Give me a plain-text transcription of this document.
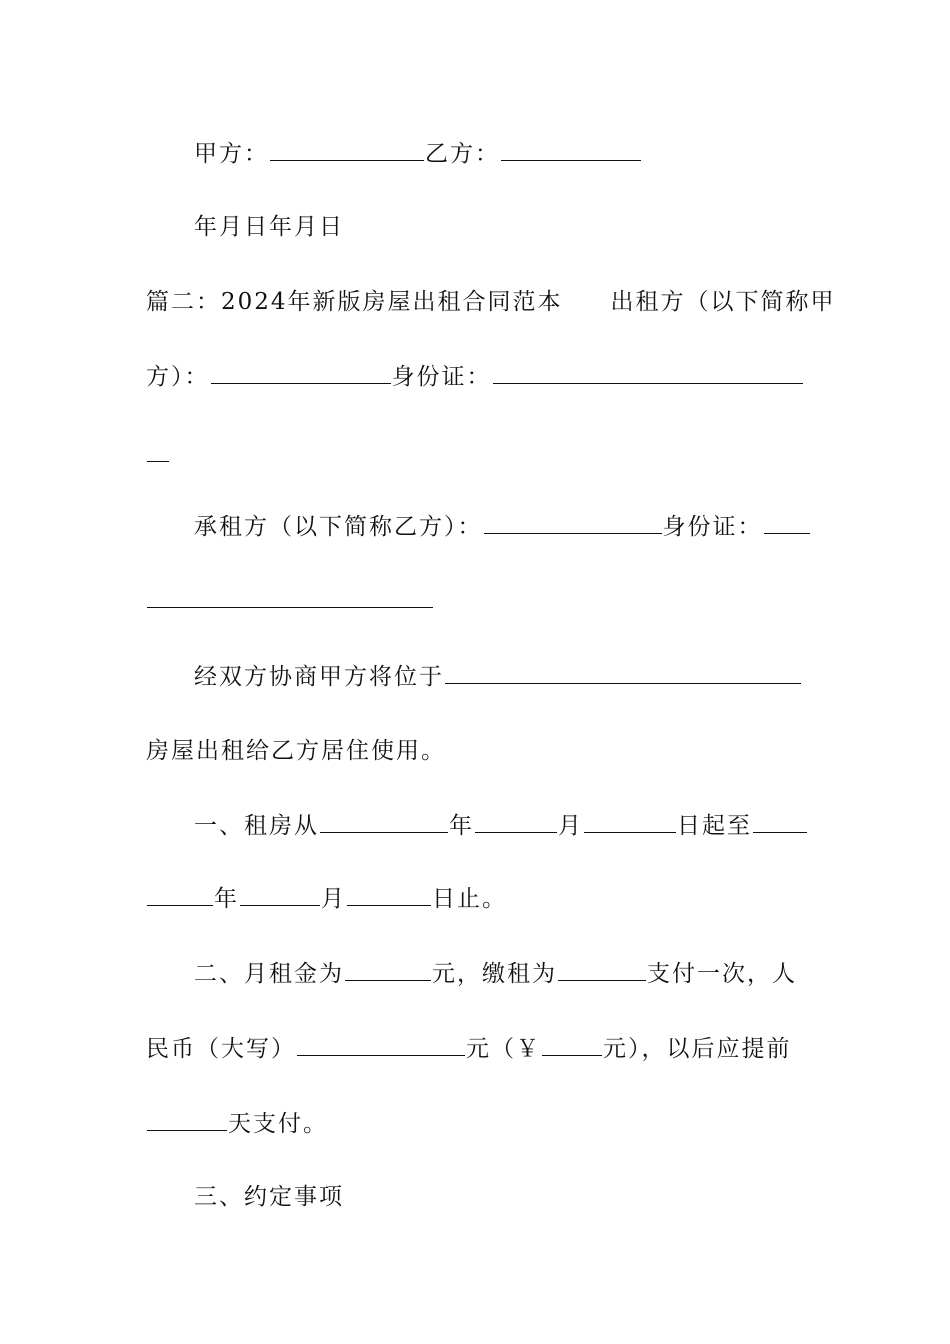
甲方：	乙方：
年月日年月日
篇二：2024年新版房屋出租合同范本 出租方（以下简称甲
方）：	身份证：
承租方（以下简称乙方）：	身份证：
经双方协商甲方将位于
房屋出租给乙方居住使用。
一、租房从	年	月	日起至
年	月	日止。
二、月租金为	元，缴租为	支付一次，人
民币（大写）	元（￥	元），以后应提前
天支付。
三、约定事项
